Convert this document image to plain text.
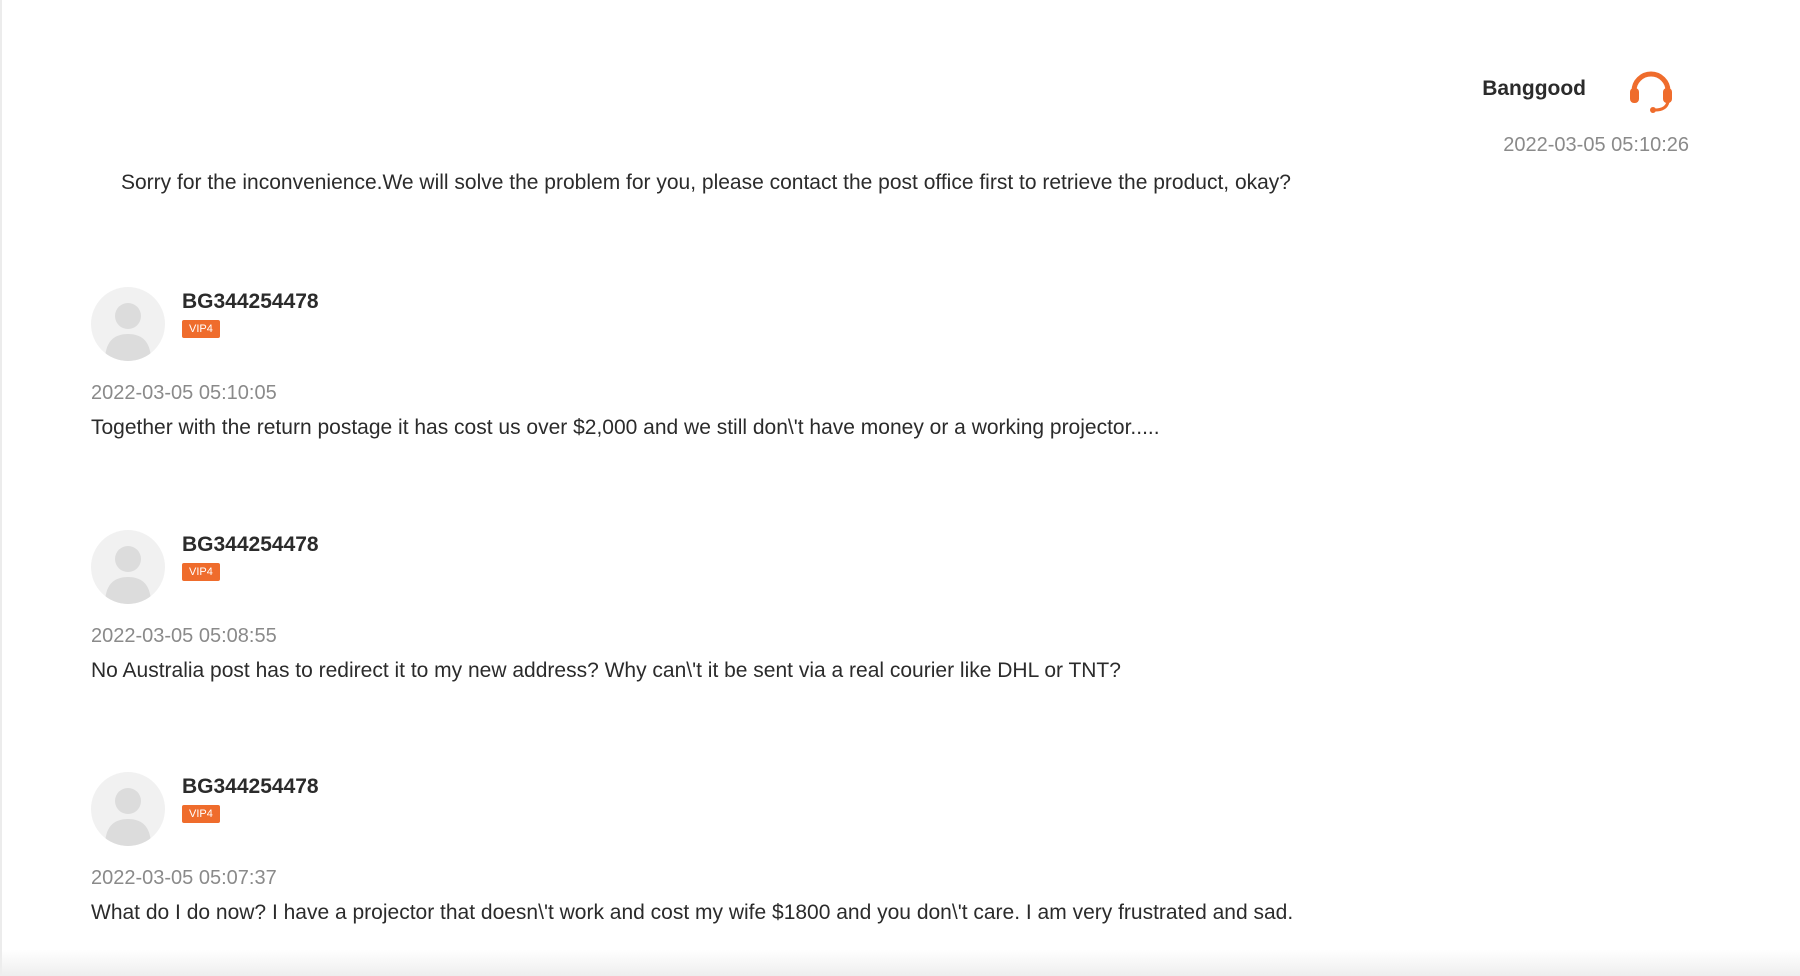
Banggood
2022-03-05 05:10:26
Sorry for the inconvenience.We will solve the problem for you, please contact the post office first to retrieve the product, okay?
BG344254478
VIP4
2022-03-05 05:10:05
Together with the return postage it has cost us over $2,000 and we still don\'t have money or a working projector.....
BG344254478
VIP4
2022-03-05 05:08:55
No Australia post has to redirect it to my new address? Why can\'t it be sent via a real courier like DHL or TNT?
BG344254478
VIP4
2022-03-05 05:07:37
What do I do now? I have a projector that doesn\'t work and cost my wife $1800 and you don\'t care. I am very frustrated and sad.
